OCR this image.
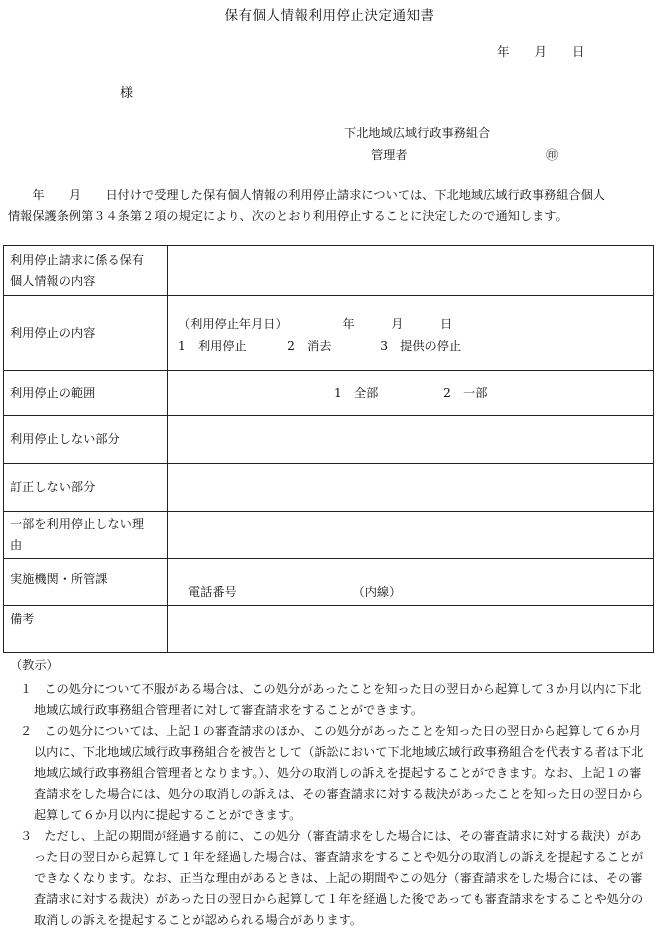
保有個人情報利用停止決定通知書
年　　月　　日
様
下北地域広域行政事務組合
管理者	㊞
　　年　　月　　日付けで受理した保有個人情報の利用停止請求については、下北地域広域行政事務組合個人
情報保護条例第３４条第２項の規定により、次のとおり利用停止することに決定したので通知します。
利用停止請求に係る保有
個人情報の内容	

利用停止の内容	（利用停止年月日）　　　　　年　　　月　　　日
1　利用停止　　　 2　消去　　　　3　提供の停止

利用停止の範囲	1　全部　　　　　 2　一部

利用停止しない部分	

訂正しない部分	

一部を利用停止しない理
由	

実施機関・所管課	電話番号　　　　　　　　　　（内線）

備考	

（教示）
１　この処分について不服がある場合は、この処分があったことを知った日の翌日から起算して３か月以内に下北
地域広域行政事務組合管理者に対して審査請求をすることができます。
２　この処分については、上記１の審査請求のほか、この処分があったことを知った日の翌日から起算して６か月
以内に、下北地域広域行政事務組合を被告として（訴訟において下北地域広域行政事務組合を代表する者は下北
地域広域行政事務組合管理者となります。）、処分の取消しの訴えを提起することができます。なお、上記１の審
査請求をした場合には、処分の取消しの訴えは、その審査請求に対する裁決があったことを知った日の翌日から
起算して６か月以内に提起することができます。
３　ただし、上記の期間が経過する前に、この処分（審査請求をした場合には、その審査請求に対する裁決）があ
った日の翌日から起算して１年を経過した場合は、審査請求をすることや処分の取消しの訴えを提起することが
できなくなります。なお、正当な理由があるときは、上記の期間やこの処分（審査請求をした場合には、その審
査請求に対する裁決）があった日の翌日から起算して１年を経過した後であっても審査請求をすることや処分の
取消しの訴えを提起することが認められる場合があります。
